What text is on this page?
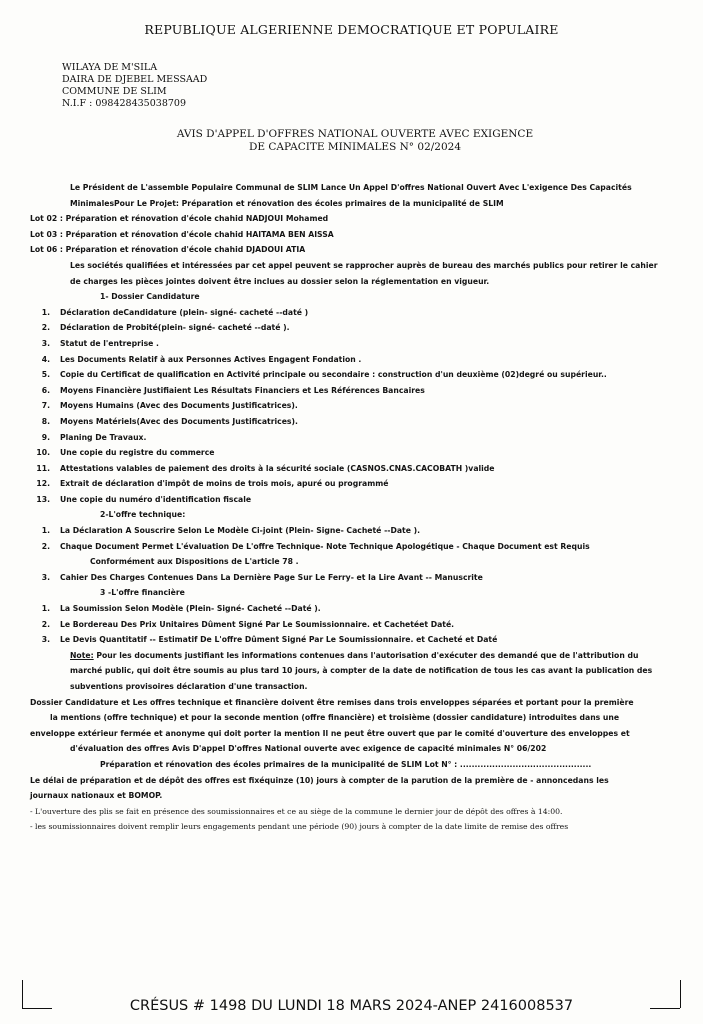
REPUBLIQUE ALGERIENNE DEMOCRATIQUE ET POPULAIRE
WILAYA DE M'SILA
DAIRA DE DJEBEL MESSAAD
COMMUNE DE SLIM
N.I.F : 098428435038709
AVIS D'APPEL D'OFFRES NATIONAL OUVERTE AVEC EXIGENCE
DE CAPACITE MINIMALES N° 02/2024

Le Président de L'assemble Populaire Communal de SLIM Lance Un Appel D'offres National Ouvert Avec L'exigence Des Capacités

MinimalesPour Le Projet: Préparation et rénovation des écoles primaires de la municipalité de SLIM

Lot 02 : Préparation et rénovation d'école chahid NADJOUI Mohamed

Lot 03 : Préparation et rénovation d'école chahid HAITAMA BEN AISSA

Lot 06 : Préparation et rénovation d'école chahid DJADOUI ATIA

Les sociétés qualifiées et intéressées par cet appel peuvent se rapprocher auprès de bureau des marchés publics pour retirer le cahier

de charges les pièces jointes doivent être inclues au dossier selon la réglementation en vigueur.

1- Dossier Candidature

1.	Déclaration deCandidature (plein- signé- cacheté --daté )
2.	Déclaration de Probité(plein- signé- cacheté --daté ).
3.	Statut de l'entreprise .
4.	Les Documents Relatif à aux Personnes Actives Engagent Fondation .
5.	Copie du Certificat de qualification en Activité principale ou secondaire : construction d'un deuxième (02)degré ou supérieur..
6.	Moyens Financière Justifiaient Les Résultats Financiers et Les Références Bancaires
7.	Moyens Humains (Avec des Documents Justificatrices).
8.	Moyens Matériels(Avec des Documents Justificatrices).
9.	Planing De Travaux.
10.	Une copie du registre du commerce
11.	Attestations valables de paiement des droits à la sécurité sociale (CASNOS.CNAS.CACOBATH )valide
12.	Extrait de déclaration d'impôt de moins de trois mois, apuré ou programmé
13.	Une copie du numéro d'identification fiscale

2-L'offre technique:

1.	La Déclaration A Souscrire Selon Le Modèle Ci-joint (Plein- Signe- Cacheté --Date ).
2.	Chaque Document Permet L'évaluation De L'offre Technique- Note Technique Apologétique - Chaque Document est Requis

Conformément aux Dispositions de L'article 78 .

3.	Cahier Des Charges Contenues Dans La Dernière Page Sur Le Ferry- et la Lire Avant -- Manuscrite

3 -L'offre financière

1.	La Soumission Selon Modèle (Plein- Signé- Cacheté --Daté ).
2.	Le Bordereau Des Prix Unitaires Dûment Signé Par Le Soumissionnaire. et Cachetéet Daté.
3.	Le Devis Quantitatif -- Estimatif De L'offre Dûment Signé Par Le Soumissionnaire. et Cacheté et Daté

Note: Pour les documents justifiant les informations contenues dans l'autorisation d'exécuter des demandé que de l'attribution du

marché public, qui doit être soumis au plus tard 10 jours, à compter de la date de notification de tous les cas avant la publication des

subventions provisoires déclaration d'une transaction.

Dossier Candidature et Les offres technique et financière doivent être remises dans trois enveloppes séparées et portant pour la première

la mentions (offre technique) et pour la seconde mention (offre financière) et troisième (dossier candidature) introduites dans une

enveloppe extérieur fermée et anonyme qui doit porter la mention Il ne peut être ouvert que par le comité d'ouverture des enveloppes et

d'évaluation des offres Avis D'appel D'offres National ouverte avec exigence de capacité minimales N° 06/202

Préparation et rénovation des écoles primaires de la municipalité de SLIM Lot N° : .............................................

Le délai de préparation et de dépôt des offres est fixéquinze (10) jours à compter de la parution de la première de - annoncedans les

journaux nationaux et BOMOP.

- L'ouverture des plis se fait en présence des soumissionnaires et ce au siège de la commune le dernier jour de dépôt des offres à 14:00.

- les soumissionnaires doivent remplir leurs engagements pendant une période (90) jours à compter de la date limite de remise des offres

CRÉSUS # 1498 DU LUNDI 18 MARS 2024-ANEP 2416008537
